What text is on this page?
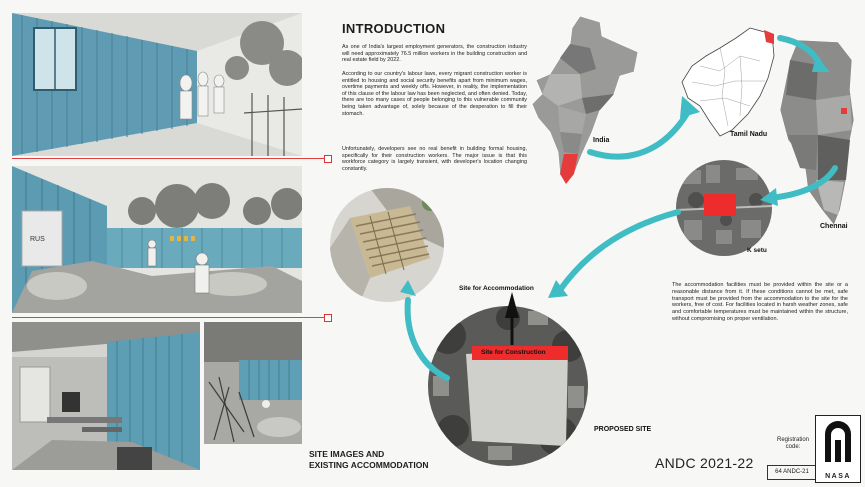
RUS
INTRODUCTION
As one of India's largest employment generators, the construction industry will need approximately 76.5 million workers in the building construction and real estate field by 2022.
According to our country's labour laws, every migrant construction worker is entitled to housing and social security benefits apart from minimum wages, overtime payments and weekly offs. However, in reality, the implementation of this clause of the labour law has been neglected, and often denied. Today, there are too many cases of people belonging to this vulnerable community being taken advantage of, solely because of the desperation to fill their stomach.
Unfortunately, developers see no real benefit in building formal housing, specifically for their construction workers. The major issue is that this workforce category is largely transient, with developer's location changing constantly.
India
Tamil Nadu
Chennai
K setu
Site for Accommodation
Site for Construction
PROPOSED SITE
The accommodation facilities must be provided within the site or a reasonable distance from it. If these conditions cannot be met, safe transport must be provided from the accommodation to the site for the workers, free of cost. For facilities located in harsh weather zones, safe and comfortable temperatures must be maintained within the structure, without compromising on proper ventilation.
SITE IMAGES AND
EXISTING ACCOMMODATION	ANDC 2021-22
Registration code:
64 ANDC-21
NASA
